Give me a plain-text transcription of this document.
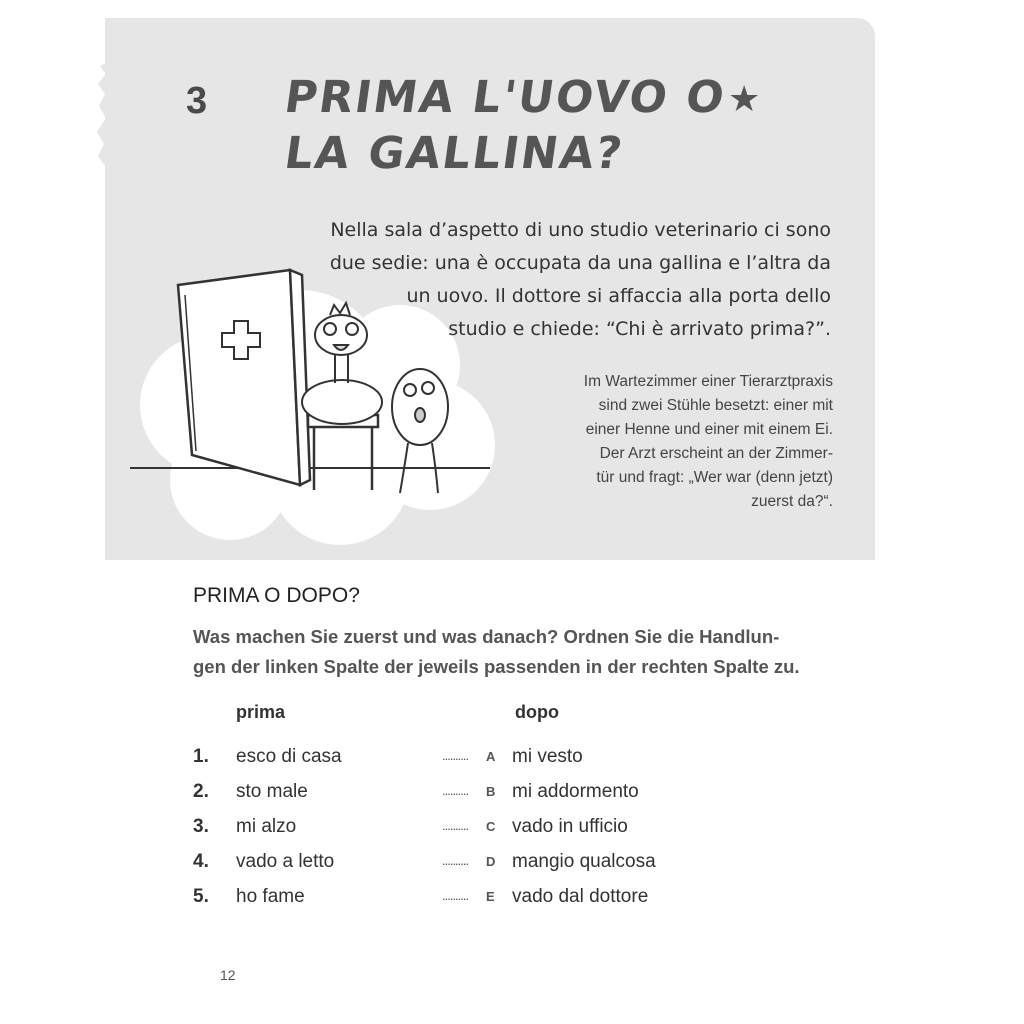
3 PRIMA L'UOVO O
LA GALLINA?
★
Nella sala d’aspetto di uno studio veterinario ci sono
due sedie: una è occupata da una gallina e l’altra da
un uovo. Il dottore si affaccia alla porta dello
studio e chiede: “Chi è arrivato prima?”.
Im Wartezimmer einer Tierarztpraxis
sind zwei Stühle besetzt: einer mit
einer Henne und einer mit einem Ei.
Der Arzt erscheint an der Zimmer-
tür und fragt: „Wer war (denn jetzt)
zuerst da?“.
PRIMA O DOPO?
Was machen Sie zuerst und was danach? Ordnen Sie die Handlun-
gen der linken Spalte der jeweils passenden in der rechten Spalte zu.
prima	dopo
1. esco di casa	.......... A mi vesto
2. sto male	.......... B mi addormento
3. mi alzo	.......... C vado in ufficio
4. vado a letto	.......... D mangio qualcosa
5. ho fame	.......... E vado dal dottore
12
